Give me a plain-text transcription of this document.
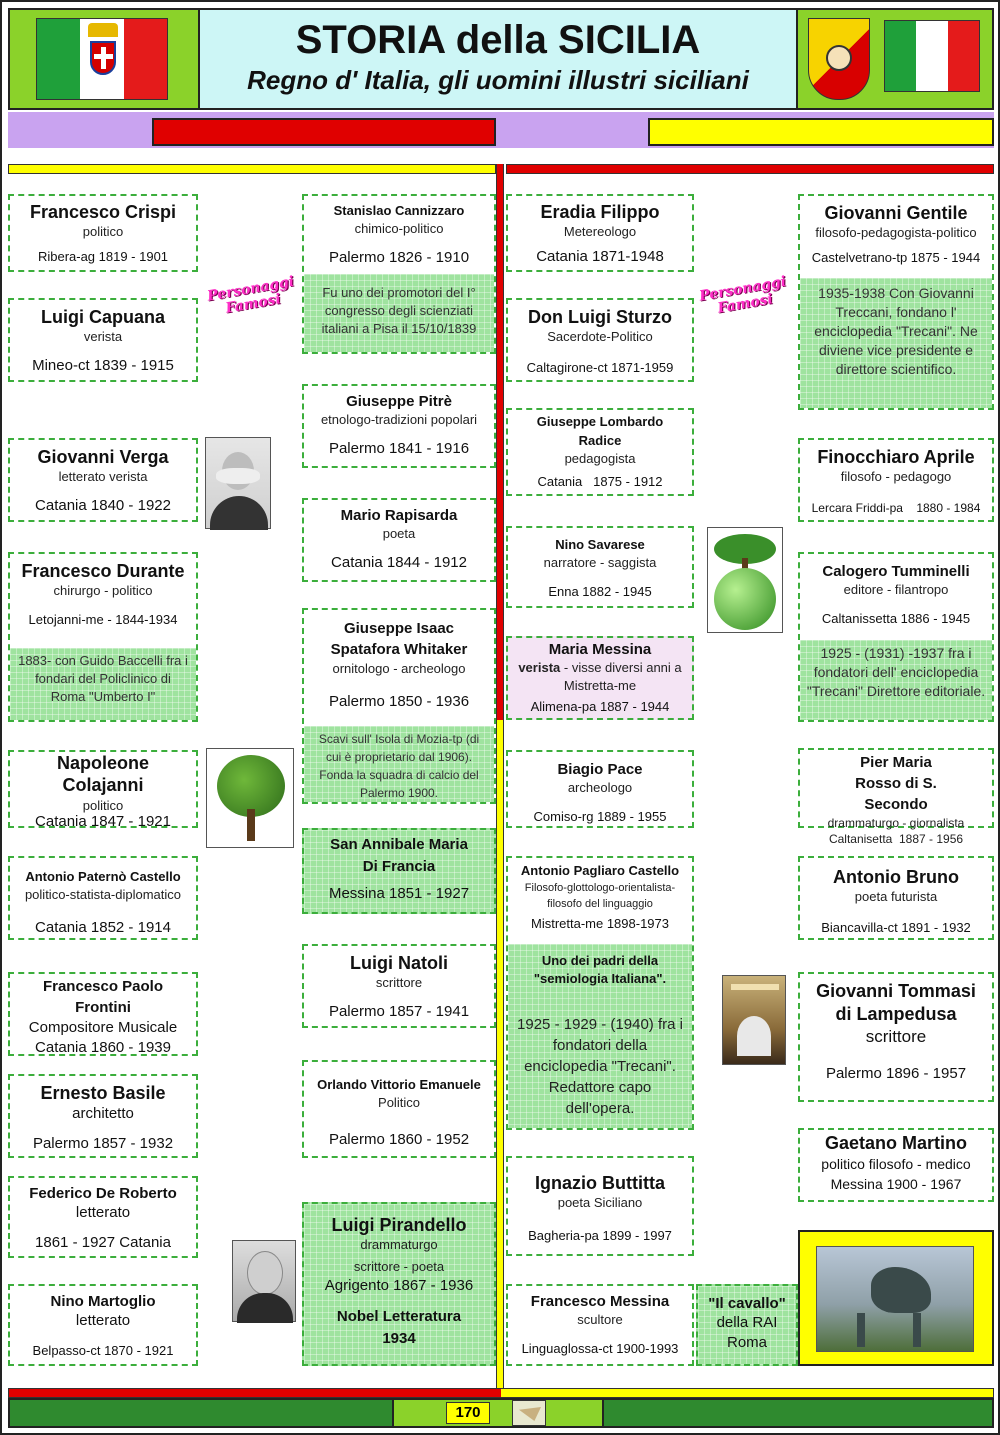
STORIA della SICILIA
Regno d' Italia, gli uomini illustri siciliani
Francesco Crispi
politico
Ribera-ag 1819 - 1901
Luigi Capuana
verista
Mineo-ct 1839 - 1915
Giovanni Verga
letterato verista
Catania 1840 - 1922
Francesco Durante
chirurgo - politico
Letojanni-me - 1844-1934
1883- con Guido Baccelli fra i fondari del Policlinico di Roma "Umberto I"
Napoleone Colajanni
politico
Catania 1847 - 1921
Antonio Paternò Castello
politico-statista-diplomatico
Catania 1852 - 1914
Francesco Paolo Frontini
Compositore Musicale
Catania 1860 - 1939
Ernesto Basile
architetto
Palermo 1857 - 1932
Federico De Roberto
letterato
1861 - 1927 Catania
Nino Martoglio
letterato
Belpasso-ct 1870 - 1921
Personaggi Famosi	Personaggi Famosi
Stanislao Cannizzaro
chimico-politico
Palermo 1826 - 1910
Fu uno dei promotori del I° congresso degli scienziati italiani a Pisa il 15/10/1839
Giuseppe Pitrè
etnologo-tradizioni popolari
Palermo 1841 - 1916
Mario Rapisarda
poeta
Catania 1844 - 1912
Giuseppe Isaac Spatafora Whitaker
ornitologo - archeologo
Palermo 1850 - 1936
Scavi sull' Isola di Mozia-tp (di cui è proprietario dal 1906). Fonda la squadra di calcio del Palermo 1900.
San Annibale Maria Di Francia
Messina 1851 - 1927
Luigi Natoli
scrittore
Palermo 1857 - 1941
Orlando Vittorio Emanuele
Politico
Palermo 1860 - 1952
Luigi Pirandello
drammaturgo
scrittore - poeta
Agrigento 1867 - 1936
Nobel Letteratura 1934
Eradia Filippo
Metereologo
Catania 1871-1948
Don Luigi Sturzo
Sacerdote-Politico
Caltagirone-ct 1871-1959
Giuseppe Lombardo Radice
pedagogista
Catania   1875 - 1912
Nino Savarese
narratore - saggista
Enna 1882 - 1945
Maria Messina
verista - visse diversi anni a Mistretta-me
Alimena-pa 1887 - 1944
Biagio Pace
archeologo
Comiso-rg 1889 - 1955
Antonio Pagliaro Castello
Filosofo-glottologo-orientalista-filosofo del linguaggio
Mistretta-me 1898-1973
Uno dei padri della "semiologia Italiana".
1925 - 1929 - (1940) fra i fondatori della enciclopedia "Trecani". Redattore capo dell'opera.
Ignazio Buttitta
poeta Siciliano
Bagheria-pa 1899 - 1997
Francesco Messina
scultore
Linguaglossa-ct 1900-1993
"Il cavallo"
della RAI
Roma
Giovanni Gentile
filosofo-pedagogista-politico
Castelvetrano-tp 1875 - 1944
1935-1938 Con Giovanni Treccani, fondano l' enciclopedia "Trecani". Ne diviene vice presidente e direttore scientifico.
Finocchiaro Aprile
filosofo - pedagogo
Lercara Friddi-pa    1880 - 1984
Calogero Tumminelli
editore - filantropo
Caltanissetta 1886 - 1945
1925 - (1931) -1937 fra i fondatori dell' enciclopedia "Trecani" Direttore editoriale.
Pier Maria Rosso di S. Secondo
drammaturgo - giornalista
Caltanisetta  1887 - 1956
Antonio Bruno
poeta futurista
Biancavilla-ct 1891 - 1932
Giovanni Tommasi di Lampedusa
scrittore
Palermo 1896 - 1957
Gaetano Martino
politico filosofo - medico
Messina 1900 - 1967
170
